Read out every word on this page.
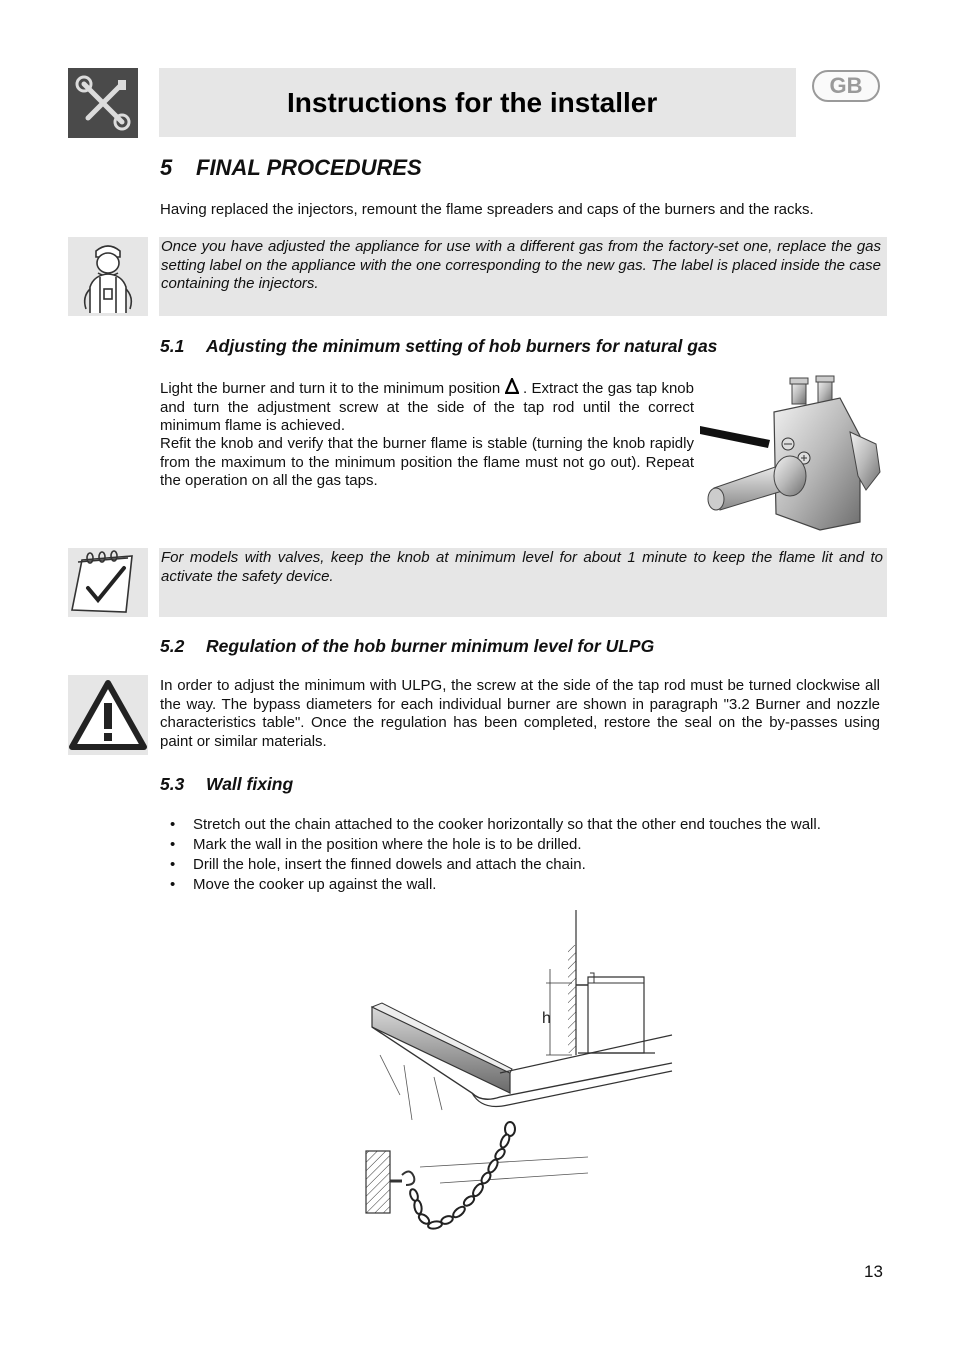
Instructions for the installer
GB
5 FINAL PROCEDURES
Having replaced the injectors, remount the flame spreaders and caps of the burners and the racks.
Once you have adjusted the appliance for use with a different gas from the factory-set one, replace the gas setting label on the appliance with the one corresponding to the new gas. The label is placed inside the case containing the injectors.
5.1 Adjusting the minimum setting of hob burners for natural gas
Light the burner and turn it to the minimum position . Extract the gas tap knob and turn the adjustment screw at the side of the tap rod until the correct minimum flame is achieved.
Refit the knob and verify that the burner flame is stable (turning the knob rapidly from the maximum to the minimum position the flame must not go out). Repeat the operation on all the gas taps.
For models with valves, keep the knob at minimum level for about 1 minute to keep the flame lit and to activate the safety device.
5.2 Regulation of the hob burner minimum level for ULPG
In order to adjust the minimum with ULPG, the screw at the side of the tap rod must be turned clockwise all the way. The bypass diameters for each individual burner are shown in paragraph "3.2 Burner and nozzle characteristics table". Once the regulation has been completed, restore the seal on the by-passes using paint or similar materials.
5.3 Wall fixing
• Stretch out the chain attached to the cooker horizontally so that the other end touches the wall.
• Mark the wall in the position where the hole is to be drilled.
• Drill the hole, insert the finned dowels and attach the chain.
• Move the cooker up against the wall.
h
13
